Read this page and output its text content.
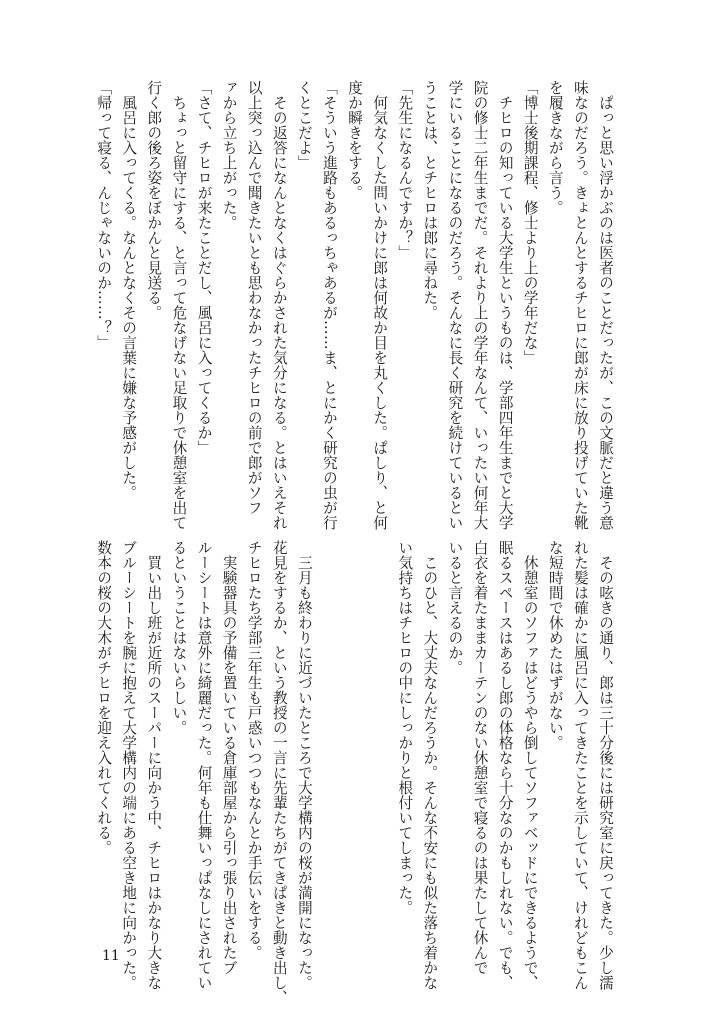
　ぱっと思い浮かぶのは医者のことだったが、この文脈だと違う意
味なのだろう。きょとんとするチヒロに郎が床に放り投げていた靴
を履きながら言う。
「博士後期課程、修士より上の学年だな」
　チヒロの知っている大学生というものは、学部四年生までと大学
院の修士二年生までだ。それより上の学年なんて、いったい何年大
学にいることになるのだろう。そんなに長く研究を続けているとい
うことは、とチヒロは郎に尋ねた。
「先生になるんですか？」
　何気なくした問いかけに郎は何故か目を丸くした。ぱしり、と何
度か瞬きをする。
「そういう進路もあるっちゃあるが……ま、とにかく研究の虫が行
くとこだよ」
　その返答になんとなくはぐらかされた気分になる。とはいえそれ
以上突っ込んで聞きたいとも思わなかったチヒロの前で郎がソフ
ァから立ち上がった。
「さて、チヒロが来たことだし、風呂に入ってくるか」
　ちょっと留守にする、と言って危なげない足取りで休憩室を出て
行く郎の後ろ姿をぼかんと見送る。
　風呂に入ってくる。なんとなくその言葉に嫌な予感がした。
「帰って寝る、んじゃないのか……？」
　その呟きの通り、郎は三十分後には研究室に戻ってきた。少し濡
れた髪は確かに風呂に入ってきたことを示していて、けれどもこん
な短時間で休めたはずがない。
　休憩室のソファはどうやら倒してソファベッドにできるようで、
眠るスペースはあるし郎の体格なら十分なのかもしれない。でも、
白衣を着たままカーテンのない休憩室で寝るのは果たして休んで
いると言えるのか。
　このひと、大丈夫なんだろうか。そんな不安にも似た落ち着かな
い気持ちはチヒロの中にしっかりと根付いてしまった。

　三月も終わりに近づいたところで大学構内の桜が満開になった。
花見をするか、という教授の一言に先輩たちがてきぱきと動き出し、
チヒロたち学部三年生も戸惑いつつもなんとか手伝いをする。
　実験器具の予備を置いている倉庫部屋から引っ張り出されたブ
ルーシートは意外に綺麗だった。何年も仕舞いっぱなしにされてい
るということはないらしい。
　買い出し班が近所のスーパーに向かう中、チヒロはかなり大きな
ブルーシートを腕に抱えて大学構内の端にある空き地に向かった。
数本の桜の大木がチヒロを迎え入れてくれる。
11
